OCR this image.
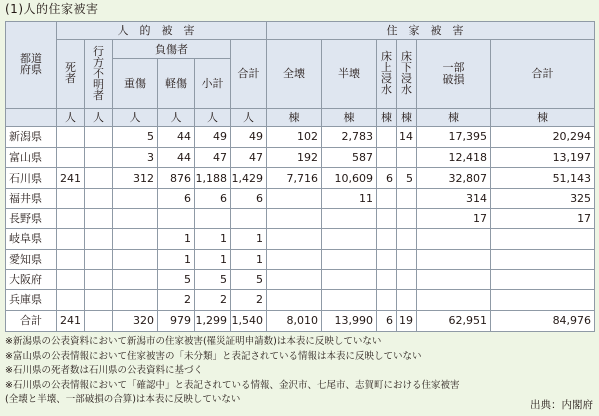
(1)人的住家被害
都道府県	人的被害						住家被害					
	死者	行方不明者	負傷者			合計	全壊	半壊	床上浸水	床下浸水	一部破損	合計
			重傷	軽傷	小計							
	人	人	人	人	人	人	棟	棟	棟	棟	棟	棟
新潟県			5	44	49	49	102	2,783		14	17,395	20,294
富山県			3	44	47	47	192	587			12,418	13,197
石川県	241		312	876	1,188	1,429	7,716	10,609	6	5	32,807	51,143
福井県				6	6	6		11			314	325
長野県											17	17
岐阜県				1	1	1						
愛知県				1	1	1						
大阪府				5	5	5						
兵庫県				2	2	2						
合計	241		320	979	1,299	1,540	8,010	13,990	6	19	62,951	84,976
※新潟県の公表資料において新潟市の住家被害(罹災証明申請数)は本表に反映していない
※富山県の公表情報において住家被害の「未分類」と表記されている情報は本表に反映していない
※石川県の死者数は石川県の公表資料に基づく
※石川県の公表情報において「確認中」と表記されている情報、金沢市、七尾市、志賀町における住家被害
(全壊と半壊、一部破損の合算)は本表に反映していない	出典：内閣府
